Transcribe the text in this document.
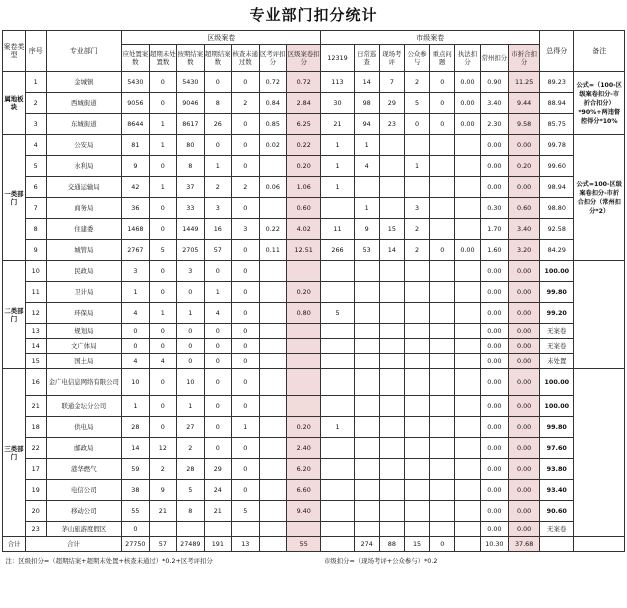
专业部门扣分统计
案卷类型	序号	专业部门	区级案卷							市级案卷								总得分	备注
			应处置案数	超期未处置数	按期结案数	超期结案数	核查未通过数	区考评扣分	区级案卷扣分	12319	日常巡查	现场考评	公众参与	重点问题	执法扣分	常州扣分	市折合扣分		
属地板块	1	金城镇	5430	0	5430	0	0	0.72	0.72	113	14	7	2	0	0.00	0.90	11.25	89.23	公式=（100-区级案卷扣分-市折合扣分）*90%+两违督控得分*10%
	2	西城街道	9056	0	9046	8	2	0.84	2.84	30	98	29	5	0	0.00	3.40	9.44	88.94	
	3	东城街道	8644	1	8617	26	0	0.85	6.25	21	94	23	0	0	0.00	2.30	9.58	85.75	
一类部门	4	公安局	81	1	80	0	0	0.02	0.22	1	1					0.00	0.00	99.78	公式=100-区级案卷扣分-市折合扣分（常州扣分*2）
	5	水利局	9	0	8	1	0		0.20	1	4		1			0.00	0.20	99.60	
	6	交通运输局	42	1	37	2	2	0.06	1.06	1						0.00	0.00	98.94	
	7	商务局	36	0	33	3	0		0.60		1		3			0.30	0.60	98.80	
	8	住建委	1468	0	1449	16	3	0.22	4.02	11	9	15	2			1.70	3.40	92.58	
	9	城管局	2767	5	2705	57	0	0.11	12.51	266	53	14	2	0	0.00	1.60	3.20	84.29	
二类部门	10	民政局	3	0	3	0	0									0.00	0.00	100.00	
	11	卫计局	1	0	0	1	0		0.20							0.00	0.00	99.80	
	12	环保局	4	1	1	4	0		0.80	5						0.00	0.00	99.20	
	13	规划局	0	0	0	0	0									0.00	0.00	无案卷	
	14	文广体局	0	0	0	0	0									0.00	0.00	无案卷	
	15	国土局	4	4	0	0	0									0.00	0.00	未处置	
三类部门	16	金广电信息网络有限公司	10	0	10	0	0									0.00	0.00	100.00	
	21	联通金坛分公司	1	0	1	0	0									0.00	0.00	100.00	
	18	供电局	28	0	27	0	1		0.20	1						0.00	0.00	99.80	
	22	邮政局	14	12	2	0	0		2.40							0.00	0.00	97.60	
	17	港华燃气	59	2	28	29	0		6.20							0.00	0.00	93.80	
	19	电信公司	38	9	5	24	0		6.60							0.00	0.00	93.40	
	20	移动公司	55	21	8	21	5		9.40							0.00	0.00	90.60	
	23	茅山旅游度假区	0													0.00	0.00	无案卷	
合计	合计		27750	57	27489	191	13		55		274	88	15	0		10.30	37.68		
注：区级扣分=（超期结案+超期未处置+核查未通过）*0.2+区考评扣分										市级扣分=（现场考评+公众参与）*0.2									
